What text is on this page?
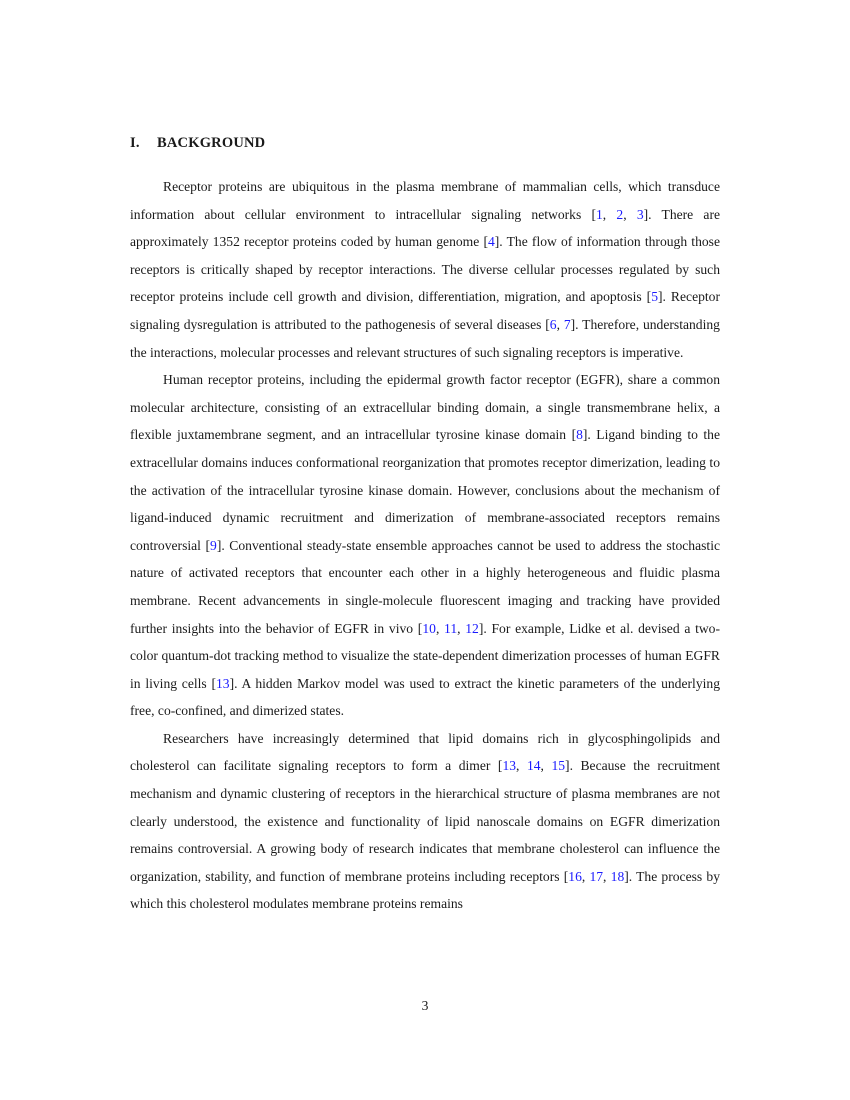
I. BACKGROUND

Receptor proteins are ubiquitous in the plasma membrane of mammalian cells, which transduce information about cellular environment to intracellular signaling networks [1, 2, 3]. There are approximately 1352 receptor proteins coded by human genome [4]. The flow of information through those receptors is critically shaped by receptor interactions. The diverse cellular processes regulated by such receptor proteins include cell growth and division, differentiation, migration, and apoptosis [5]. Receptor signaling dysregulation is attributed to the pathogenesis of several diseases [6, 7]. Therefore, understanding the interactions, molecular processes and relevant structures of such signaling receptors is imperative.

Human receptor proteins, including the epidermal growth factor receptor (EGFR), share a common molecular architecture, consisting of an extracellular binding domain, a single transmembrane helix, a flexible juxtamembrane segment, and an intracellular tyrosine kinase domain [8]. Ligand binding to the extracellular domains induces conformational reorganization that promotes receptor dimerization, leading to the activation of the intracellular tyrosine kinase domain. However, conclusions about the mechanism of ligand-induced dynamic recruitment and dimerization of membrane-associated receptors remains controversial [9]. Conventional steady-state ensemble approaches cannot be used to address the stochastic nature of activated receptors that encounter each other in a highly heterogeneous and fluidic plasma membrane. Recent advancements in single-molecule fluorescent imaging and tracking have provided further insights into the behavior of EGFR in vivo [10, 11, 12]. For example, Lidke et al. devised a two-color quantum-dot tracking method to visualize the state-dependent dimerization processes of human EGFR in living cells [13]. A hidden Markov model was used to extract the kinetic parameters of the underlying free, co-confined, and dimerized states.

Researchers have increasingly determined that lipid domains rich in glycosphingolipids and cholesterol can facilitate signaling receptors to form a dimer [13, 14, 15]. Because the recruitment mechanism and dynamic clustering of receptors in the hierarchical structure of plasma membranes are not clearly understood, the existence and functionality of lipid nanoscale domains on EGFR dimerization remains controversial. A growing body of research indicates that membrane cholesterol can influence the organization, stability, and function of membrane proteins including receptors [16, 17, 18]. The process by which this cholesterol modulates membrane proteins remains

3
